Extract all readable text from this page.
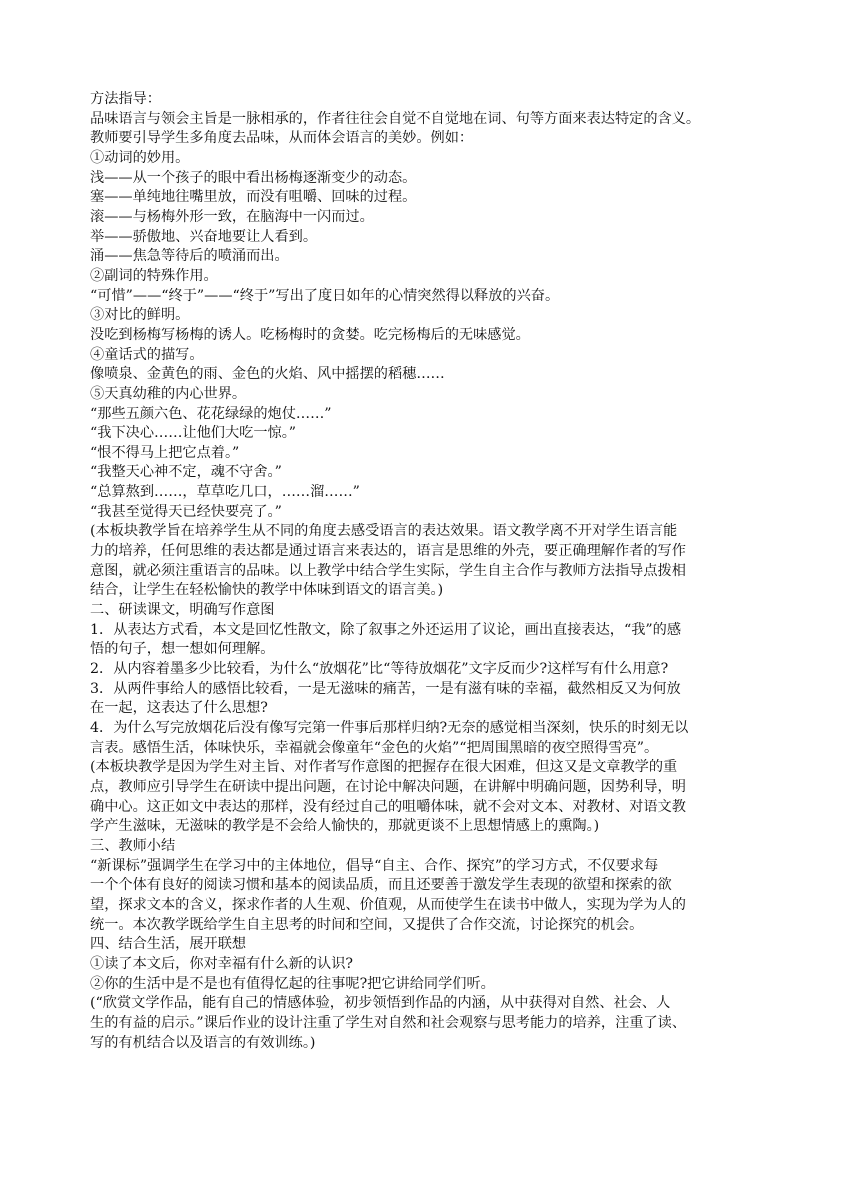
方法指导：
品味语言与领会主旨是一脉相承的，作者往往会自觉不自觉地在词、句等方面来表达特定的含义。
教师要引导学生多角度去品味，从而体会语言的美妙。例如：
①动词的妙用。
浅——从一个孩子的眼中看出杨梅逐渐变少的动态。
塞——单纯地往嘴里放，而没有咀嚼、回味的过程。
滚——与杨梅外形一致，在脑海中一闪而过。
举——骄傲地、兴奋地要让人看到。
涌——焦急等待后的喷涌而出。
②副词的特殊作用。
“可惜”——“终于”——“终于”写出了度日如年的心情突然得以释放的兴奋。
③对比的鲜明。
没吃到杨梅写杨梅的诱人。吃杨梅时的贪婪。吃完杨梅后的无味感觉。
④童话式的描写。
像喷泉、金黄色的雨、金色的火焰、风中摇摆的稻穗……
⑤天真幼稚的内心世界。
“那些五颜六色、花花绿绿的炮仗……”
“我下决心……让他们大吃一惊。”
“恨不得马上把它点着。”
“我整天心神不定，魂不守舍。”
“总算熬到……，草草吃几口，……溜……”
“我甚至觉得天已经快要亮了。”
(本板块教学旨在培养学生从不同的角度去感受语言的表达效果。语文教学离不开对学生语言能
力的培养，任何思维的表达都是通过语言来表达的，语言是思维的外壳，要正确理解作者的写作
意图，就必须注重语言的品味。以上教学中结合学生实际，学生自主合作与教师方法指导点拨相
结合，让学生在轻松愉快的教学中体味到语文的语言美。)
二、研读课文，明确写作意图
1．从表达方式看，本文是回忆性散文，除了叙事之外还运用了议论，画出直接表达，“我”的感
悟的句子，想一想如何理解。
2．从内容着墨多少比较看，为什么“放烟花”比“等待放烟花”文字反而少?这样写有什么用意?
3．从两件事给人的感悟比较看，一是无滋味的痛苦，一是有滋有味的幸福，截然相反又为何放
在一起，这表达了什么思想?
4．为什么写完放烟花后没有像写完第一件事后那样归纳?无奈的感觉相当深刻，快乐的时刻无以
言表。感悟生活，体味快乐，幸福就会像童年“金色的火焰”“把周围黑暗的夜空照得雪亮”。
(本板块教学是因为学生对主旨、对作者写作意图的把握存在很大困难，但这又是文章教学的重
点，教师应引导学生在研读中提出问题，在讨论中解决问题，在讲解中明确问题，因势利导，明
确中心。这正如文中表达的那样，没有经过自己的咀嚼体味，就不会对文本、对教材、对语文教
学产生滋味，无滋味的教学是不会给人愉快的，那就更谈不上思想情感上的熏陶。)
三、教师小结
“新课标”强调学生在学习中的主体地位，倡导“自主、合作、探究”的学习方式，不仅要求每
一个个体有良好的阅读习惯和基本的阅读品质，而且还要善于激发学生表现的欲望和探索的欲
望，探求文本的含义，探求作者的人生观、价值观，从而使学生在读书中做人，实现为学为人的
统一。本次教学既给学生自主思考的时间和空间，又提供了合作交流，讨论探究的机会。
四、结合生活，展开联想
①读了本文后，你对幸福有什么新的认识?
②你的生活中是不是也有值得忆起的往事呢?把它讲给同学们听。
(“欣赏文学作品，能有自己的情感体验，初步领悟到作品的内涵，从中获得对自然、社会、人
生的有益的启示。”课后作业的设计注重了学生对自然和社会观察与思考能力的培养，注重了读、
写的有机结合以及语言的有效训练。)
